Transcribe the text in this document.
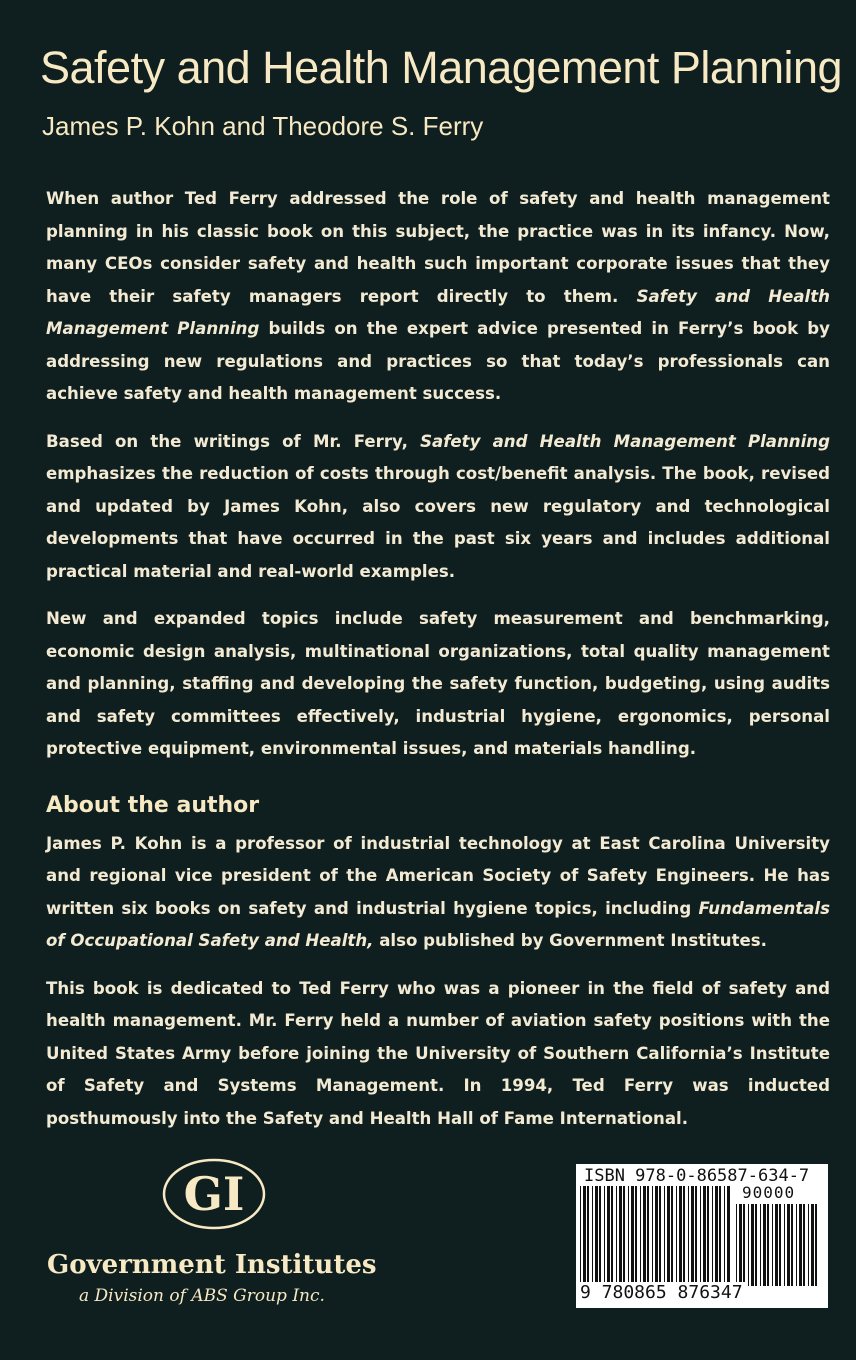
Safety and Health Management Planning
James P. Kohn and Theodore S. Ferry

When author Ted Ferry addressed the role of safety and health management planning in his classic book on this subject, the practice was in its infancy. Now, many CEOs consider safety and health such important corporate issues that they have their safety managers report directly to them. Safety and Health Management Planning builds on the expert advice presented in Ferry’s book by addressing new regulations and practices so that today’s professionals can achieve safety and health management success.

Based on the writings of Mr. Ferry, Safety and Health Management Planning emphasizes the reduction of costs through cost/benefit analysis. The book, revised and updated by James Kohn, also covers new regulatory and technological developments that have occurred in the past six years and includes additional practical material and real-world examples.

New and expanded topics include safety measurement and benchmarking, economic design analysis, multinational organizations, total quality management and planning, staffing and developing the safety function, budgeting, using audits and safety committees effectively, industrial hygiene, ergonomics, personal protective equipment, environmental issues, and materials handling.

About the author

James P. Kohn is a professor of industrial technology at East Carolina University and regional vice president of the American Society of Safety Engineers. He has written six books on safety and industrial hygiene topics, including Fundamentals of Occupational Safety and Health, also published by Government Institutes.

This book is dedicated to Ted Ferry who was a pioneer in the field of safety and health management. Mr. Ferry held a number of aviation safety positions with the United States Army before joining the University of Southern California’s Institute of Safety and Systems Management. In 1994, Ted Ferry was inducted posthumously into the Safety and Health Hall of Fame International.

GI
Government Institutes
a Division of ABS Group Inc.
ISBN 978-0-86587-634-7
90000
9 780865 876347
